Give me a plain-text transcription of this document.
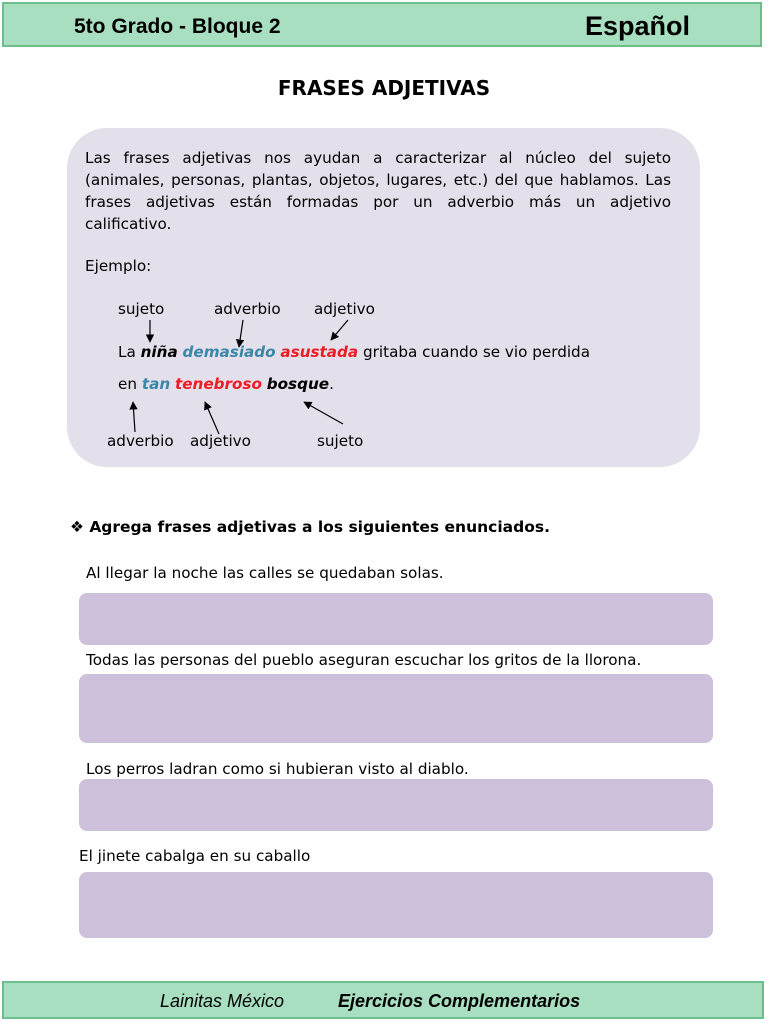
5to Grado - Bloque 2	Español
FRASES ADJETIVAS
Las frases adjetivas nos ayudan a caracterizar al núcleo del sujeto (animales, personas, plantas, objetos, lugares, etc.) del que hablamos. Las frases adjetivas están formadas por un adverbio más un adjetivo calificativo.
Ejemplo:
sujeto	adverbio adjetivo
La niña demasiado asustada gritaba cuando se vio perdida
en tan tenebroso bosque.
adverbio adjetivo	sujeto
❖ Agrega frases adjetivas a los siguientes enunciados.
Al llegar la noche las calles se quedaban solas.
Todas las personas del pueblo aseguran escuchar los gritos de la llorona.
Los perros ladran como si hubieran visto al diablo.
El jinete cabalga en su caballo
Lainitas México	Ejercicios Complementarios
